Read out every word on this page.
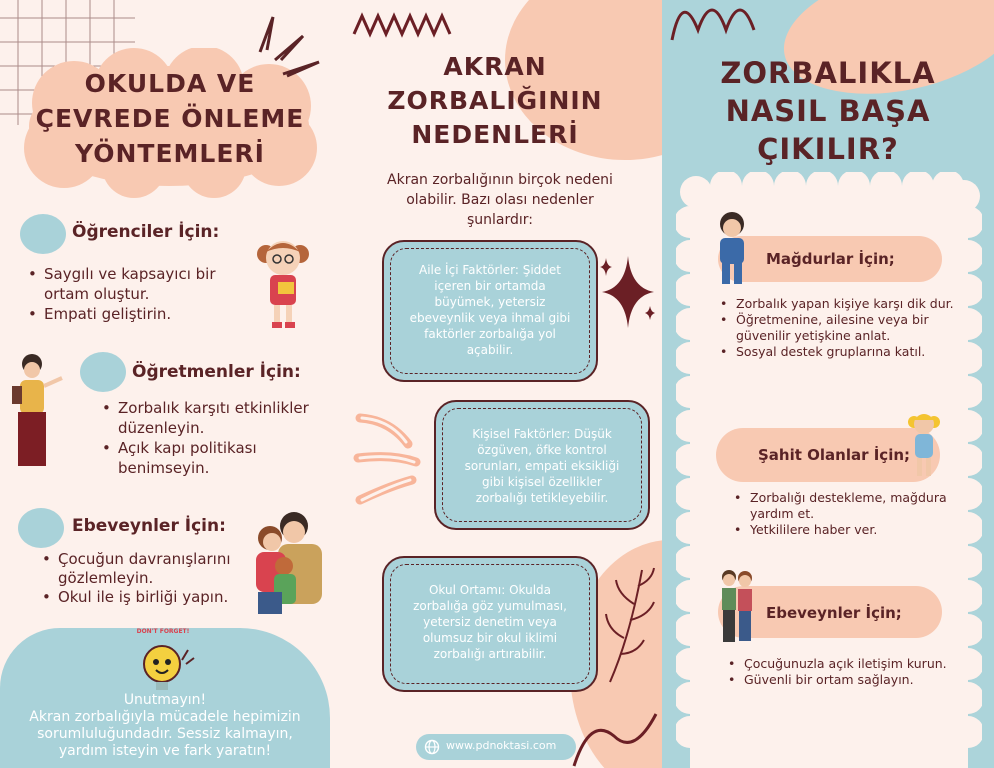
OKULDA VE
ÇEVREDE ÖNLEME
YÖNTEMLERİ
Öğrenciler İçin:
• Saygılı ve kapsayıcı bir ortam oluştur.
• Empati geliştirin.
Öğretmenler İçin:
• Zorbalık karşıtı etkinlikler düzenleyin.
• Açık kapı politikası benimseyin.
Ebeveynler İçin:
• Çocuğun davranışlarını gözlemleyin.
• Okul ile iş birliği yapın.
DON'T FORGET!
Unutmayın!
Akran zorbalığıyla mücadele hepimizin
sorumluluğundadır. Sessiz kalmayın,
yardım isteyin ve fark yaratın!
AKRAN
ZORBALIĞININ
NEDENLERİ
Akran zorbalığının birçok nedeni
olabilir. Bazı olası nedenler
şunlardır:
Aile İçi Faktörler: Şiddet
içeren bir ortamda
büyümek, yetersiz
ebeveynlik veya ihmal gibi
faktörler zorbalığa yol
açabilir.
Kişisel Faktörler: Düşük
özgüven, öfke kontrol
sorunları, empati eksikliği
gibi kişisel özellikler
zorbalığı tetikleyebilir.
Okul Ortamı: Okulda
zorbalığa göz yumulması,
yetersiz denetim veya
olumsuz bir okul iklimi
zorbalığı artırabilir.
www.pdnoktasi.com
ZORBALIKLA
NASIL BAŞA
ÇIKILIR?
Mağdurlar İçin;
• Zorbalık yapan kişiye karşı dik dur.
• Öğretmenine, ailesine veya bir güvenilir yetişkine anlat.
• Sosyal destek gruplarına katıl.
Şahit Olanlar İçin;
• Zorbalığı destekleme, mağdura yardım et.
• Yetkililere haber ver.
Ebeveynler İçin;
• Çocuğunuzla açık iletişim kurun.
• Güvenli bir ortam sağlayın.
